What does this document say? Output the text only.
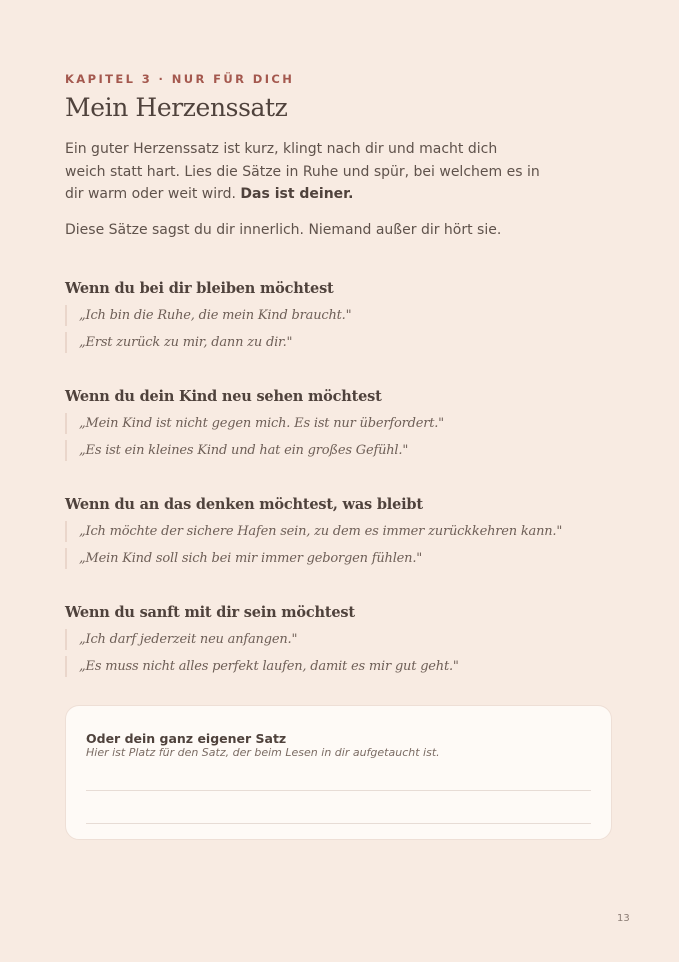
KAPITEL 3 · NUR FÜR DICH
Mein Herzenssatz

Ein guter Herzenssatz ist kurz, klingt nach dir und macht dich weich statt hart. Lies die Sätze in Ruhe und spür, bei welchem es in dir warm oder weit wird. Das ist deiner.

Diese Sätze sagst du dir innerlich. Niemand außer dir hört sie.

Wenn du bei dir bleiben möchtest
„Ich bin die Ruhe, die mein Kind braucht."
„Erst zurück zu mir, dann zu dir."
Wenn du dein Kind neu sehen möchtest
„Mein Kind ist nicht gegen mich. Es ist nur überfordert."
„Es ist ein kleines Kind und hat ein großes Gefühl."
Wenn du an das denken möchtest, was bleibt
„Ich möchte der sichere Hafen sein, zu dem es immer zurückkehren kann."
„Mein Kind soll sich bei mir immer geborgen fühlen."
Wenn du sanft mit dir sein möchtest
„Ich darf jederzeit neu anfangen."
„Es muss nicht alles perfekt laufen, damit es mir gut geht."
Oder dein ganz eigener Satz
Hier ist Platz für den Satz, der beim Lesen in dir aufgetaucht ist.
13
